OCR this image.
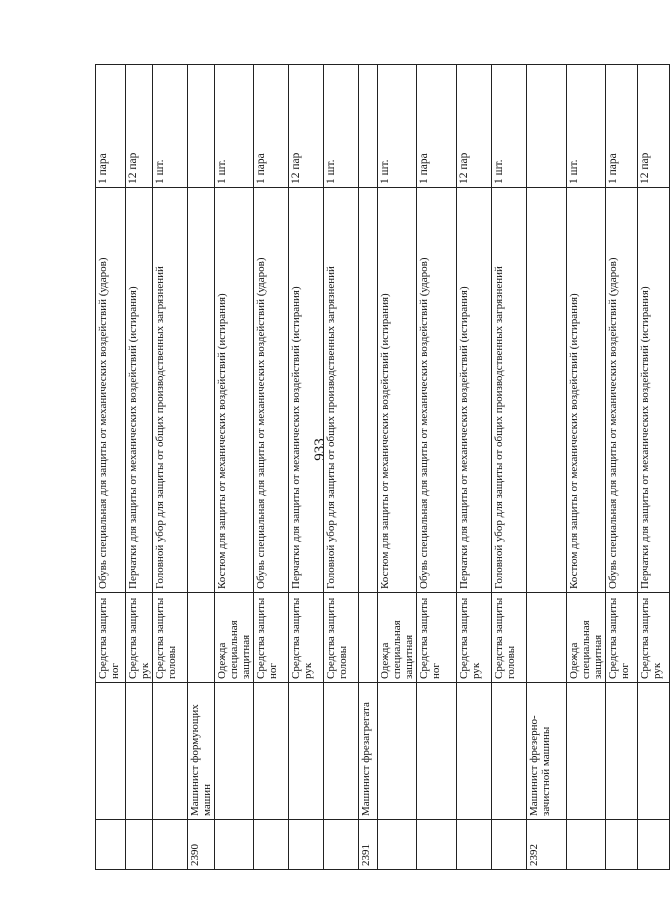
933
		Средства защиты ног	Обувь специальная для защиты от механических воздействий (ударов)	1 пара
		Средства защиты рук	Перчатки для защиты от механических воздействий (истирания)	12 пар
		Средства защиты головы	Головной убор для защиты от общих производственных загрязнений	1 шт.
2390	Машинист формующих машин			
		Одежда специальная защитная	Костюм для защиты от механических воздействий (истирания)	1 шт.
		Средства защиты ног	Обувь специальная для защиты от механических воздействий (ударов)	1 пара
		Средства защиты рук	Перчатки для защиты от механических воздействий (истирания)	12 пар
		Средства защиты головы	Головной убор для защиты от общих производственных загрязнений	1 шт.
2391	Машинист фрезагрегата			
		Одежда специальная защитная	Костюм для защиты от механических воздействий (истирания)	1 шт.
		Средства защиты ног	Обувь специальная для защиты от механических воздействий (ударов)	1 пара
		Средства защиты рук	Перчатки для защиты от механических воздействий (истирания)	12 пар
		Средства защиты головы	Головной убор для защиты от общих производственных загрязнений	1 шт.
2392	Машинист фрезерно-зачистной машины			
		Одежда специальная защитная	Костюм для защиты от механических воздействий (истирания)	1 шт.
		Средства защиты ног	Обувь специальная для защиты от механических воздействий (ударов)	1 пара
		Средства защиты рук	Перчатки для защиты от механических воздействий (истирания)	12 пар
